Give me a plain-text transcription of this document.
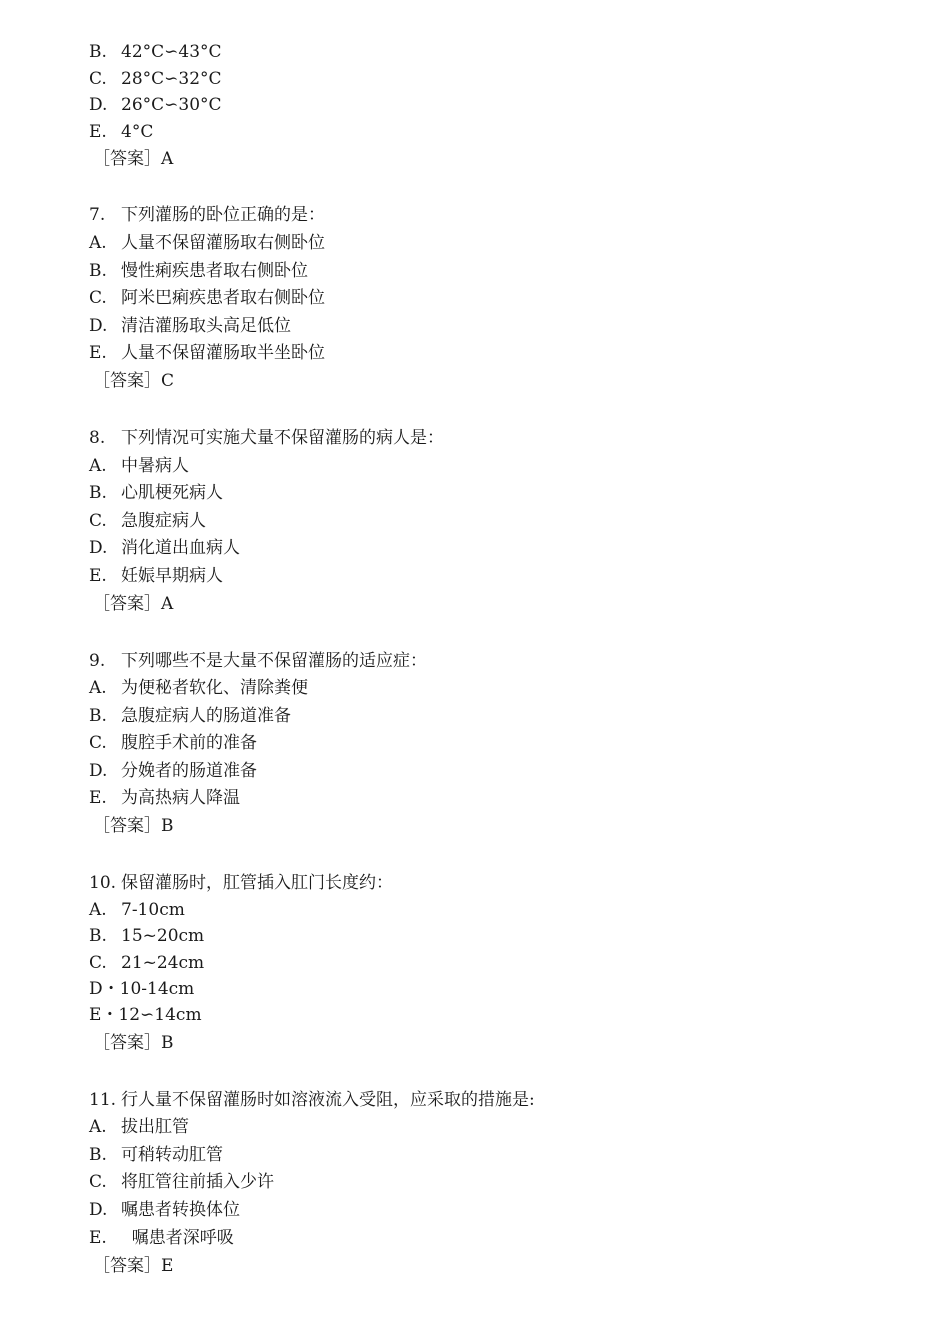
B. 42°C∽43°C
C. 28°C∽32°C
D. 26°C∽30°C
E. 4°C
［答案］A
7. 下列灌肠的卧位正确的是：
A. 人量不保留灌肠取右侧卧位
B. 慢性痢疾患者取右侧卧位
C. 阿米巴痢疾患者取右侧卧位
D. 清洁灌肠取头高足低位
E. 人量不保留灌肠取半坐卧位
［答案］C
8. 下列情况可实施犬量不保留灌肠的病人是：
A. 中暑病人
B. 心肌梗死病人
C. 急腹症病人
D. 消化道出血病人
E. 妊娠早期病人
［答案］A
9. 下列哪些不是大量不保留灌肠的适应症：
A. 为便秘者软化、清除粪便
B. 急腹症病人的肠道准备
C. 腹腔手术前的准备
D. 分娩者的肠道准备
E. 为高热病人降温
［答案］B
10. 保留灌肠时，肛管插入肛门长度约：
A. 7-10cm
B. 15~20cm
C. 21~24cm
D・10-14cm
E・12∽14cm
［答案］B
11. 行人量不保留灌肠时如溶液流入受阻，应采取的措施是:
A. 拔出肛管
B. 可稍转动肛管
C. 将肛管往前插入少许
D. 嘱患者转换体位
E.  嘱患者深呼吸
［答案］E
